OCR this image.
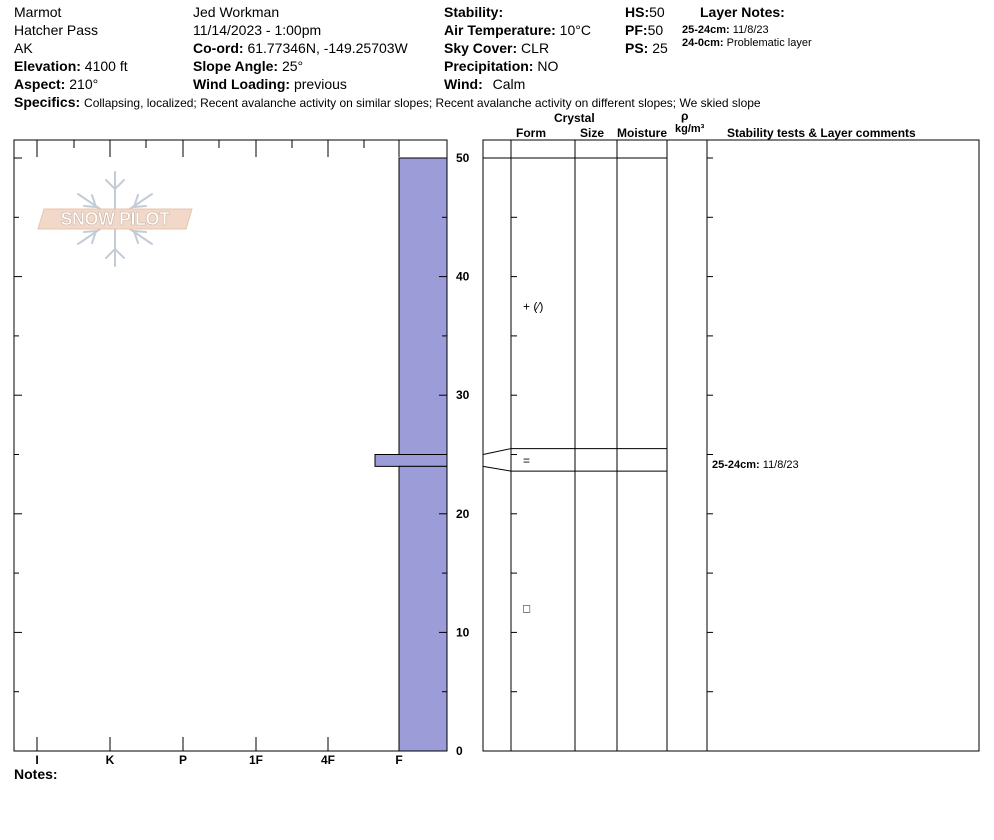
Marmot
Hatcher Pass
AK
Elevation: 4100 ft
Aspect: 210°
Jed Workman
11/14/2023 - 1:00pm
Co-ord: 61.77346N, -149.25703W
Slope Angle: 25°
Wind Loading: previous
Stability:
Air Temperature: 10°C
Sky Cover: CLR
Precipitation: NO
Wind: Calm
HS:50
PF:50
PS: 25
Layer Notes:
25-24cm: 11/8/23
24-0cm: Problematic layer
Specifics: Collapsing, localized; Recent avalanche activity on similar slopes; Recent avalanche activity on different slopes; We skied slope
Crystal
Form	Size Moisture
ρ
kg/m³ Stability tests & Layer comments
Notes:
25-24cm: 11/8/23
SNOW PILOT
0
10
20
30
40
50
I	K	P	1F	4F	F
+ (⁄)
=
□
